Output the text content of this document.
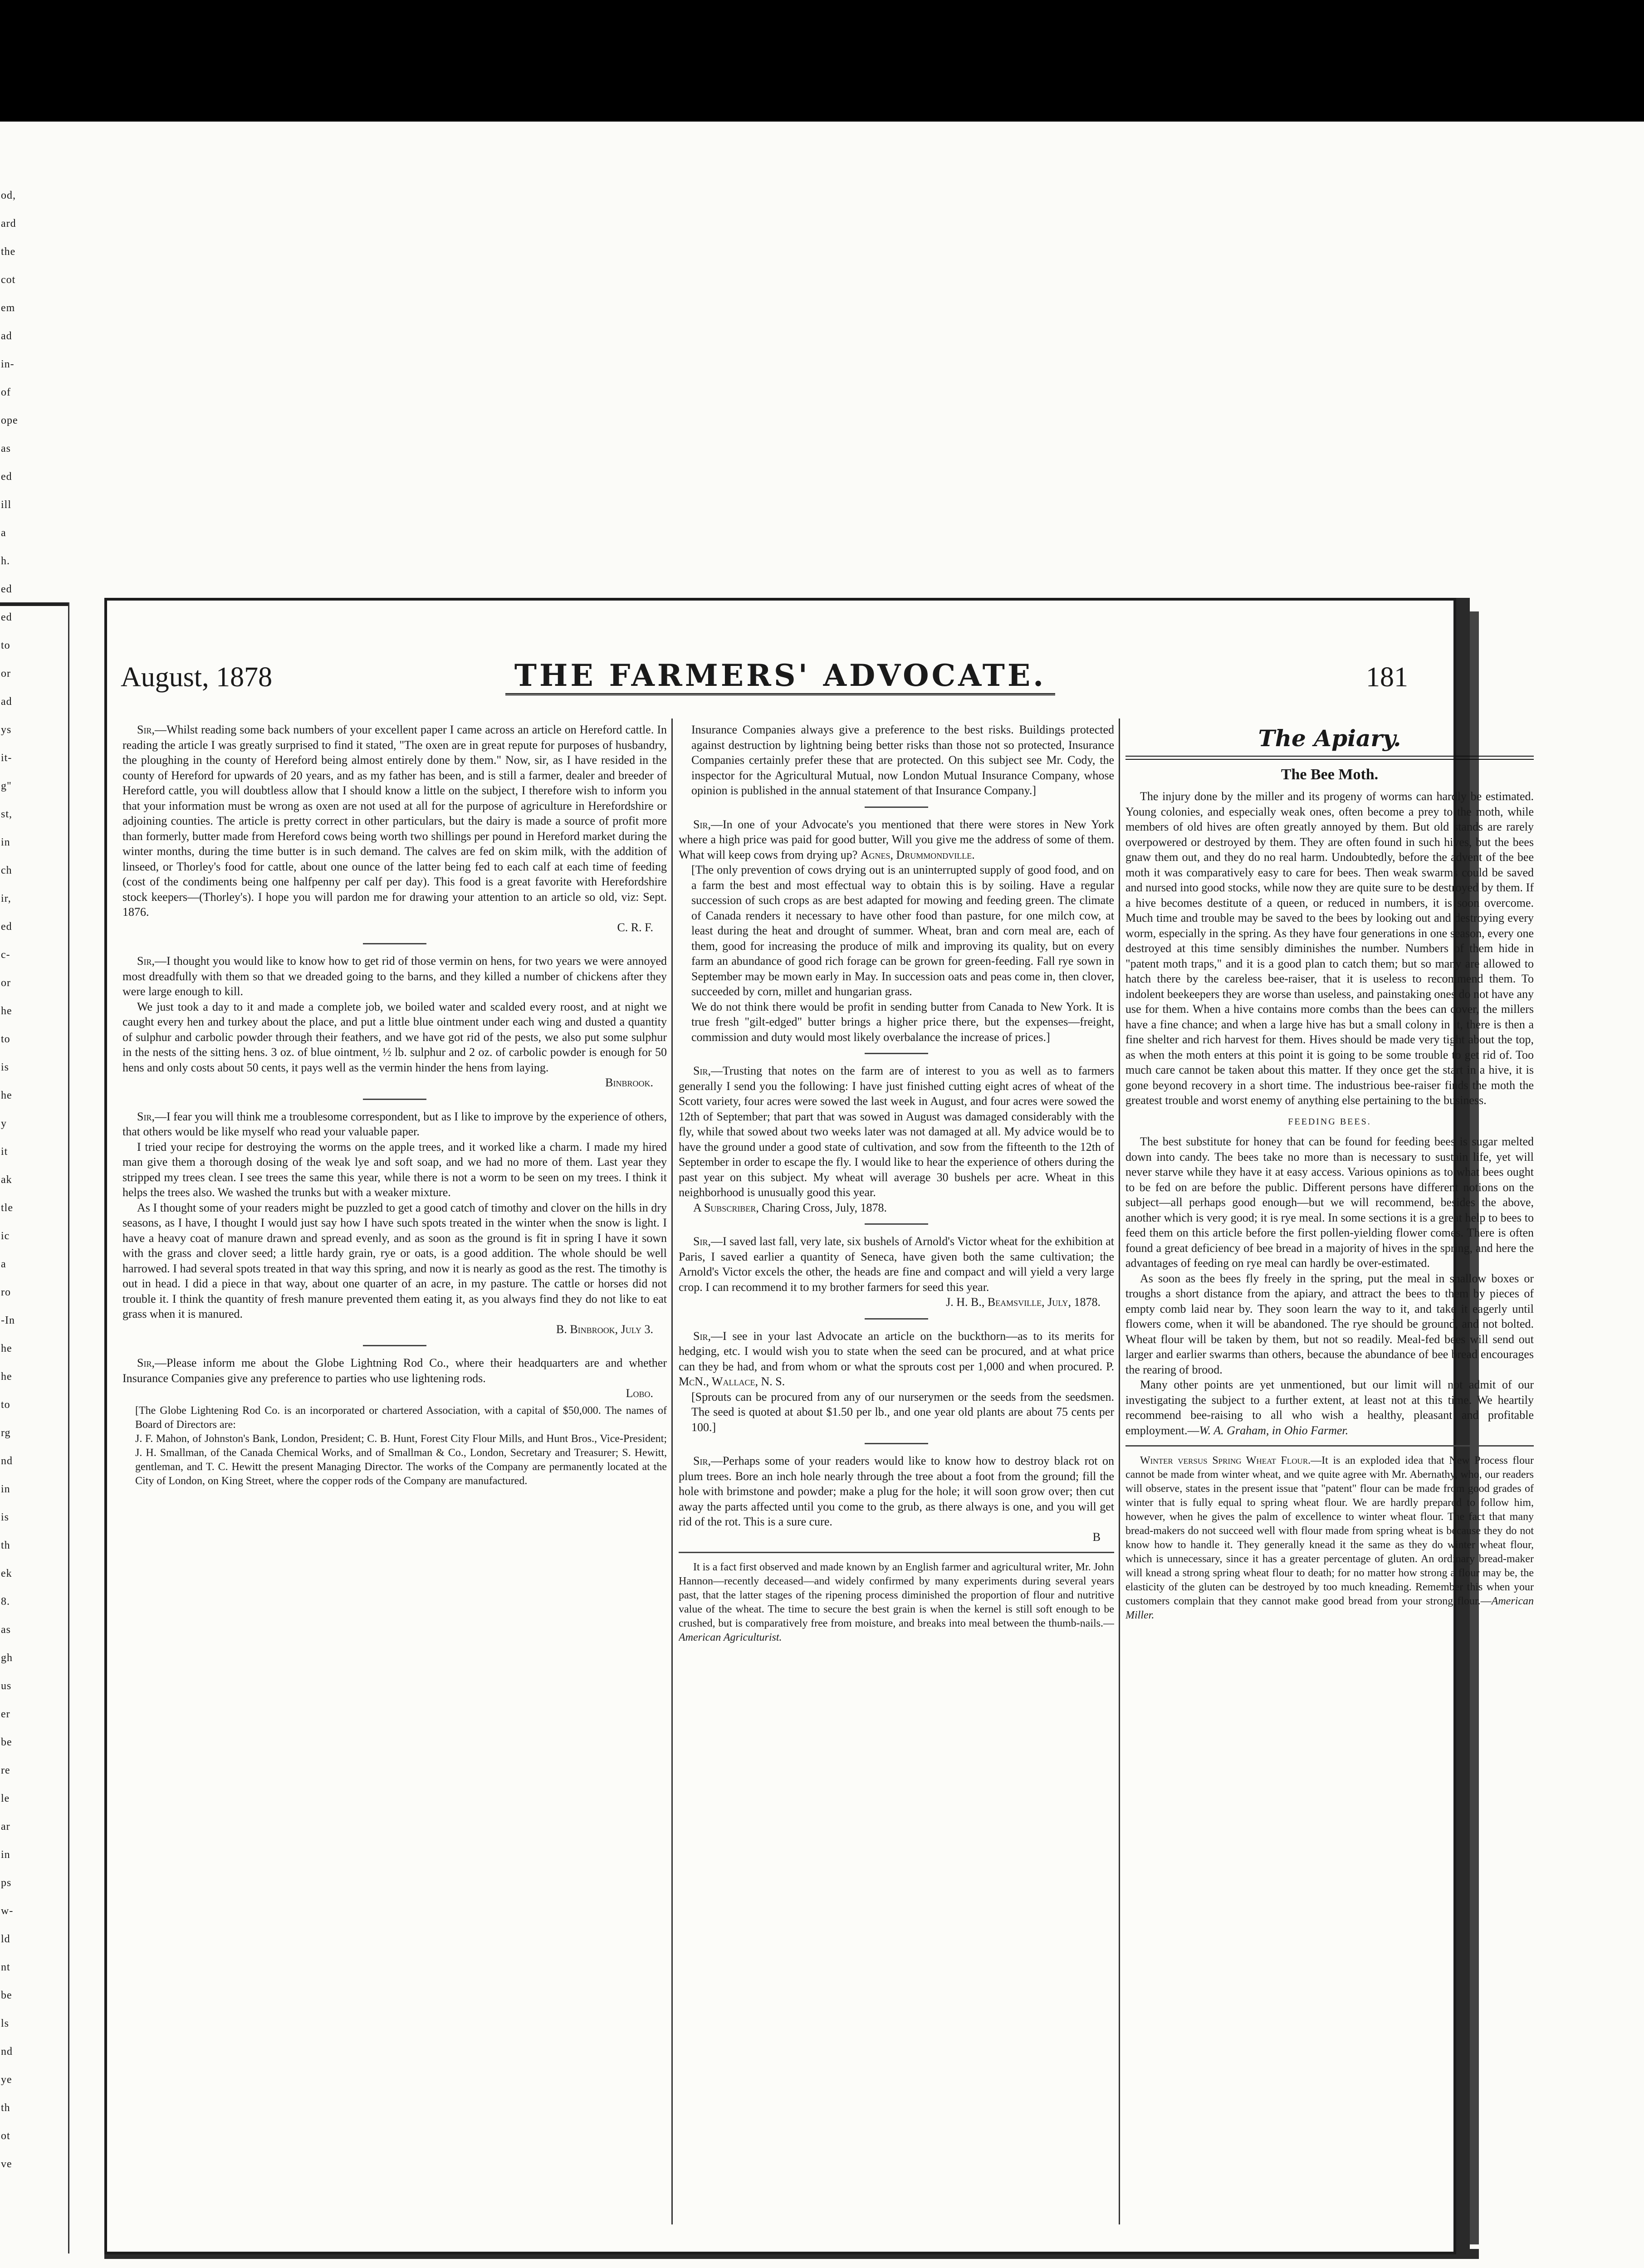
od,
ard
the
cot
em
ad
in-
of
ope
as
ed
ill
a
h.
ed
ed
to
or
ad
ys
it-
g"
st,
in
ch
ir,
ed
c-
or
he
to
is
he
y
it
ak
tle
ic
a
ro
-In
he
he
to
rg
nd
in
is
th
ek
8.
as
gh
us
er
be
re
le
ar
in
ps
w-
ld
nt
be
ls
nd
ye
th
ot
ve
August, 1878	THE FARMERS' ADVOCATE.	181

Sir,—Whilst reading some back numbers of your excellent paper I came across an article on Hereford cattle. In reading the article I was greatly surprised to find it stated, "The oxen are in great repute for purposes of husbandry, the ploughing in the county of Hereford being almost entirely done by them." Now, sir, as I have resided in the county of Hereford for upwards of 20 years, and as my father has been, and is still a farmer, dealer and breeder of Hereford cattle, you will doubtless allow that I should know a little on the subject, I therefore wish to inform you that your information must be wrong as oxen are not used at all for the purpose of agriculture in Herefordshire or adjoining counties. The article is pretty correct in other particulars, but the dairy is made a source of profit more than formerly, butter made from Hereford cows being worth two shillings per pound in Hereford market during the winter months, during the time butter is in such demand. The calves are fed on skim milk, with the addition of linseed, or Thorley's food for cattle, about one ounce of the latter being fed to each calf at each time of feeding (cost of the condiments being one halfpenny per calf per day). This food is a great favorite with Herefordshire stock keepers—(Thorley's). I hope you will pardon me for drawing your attention to an article so old, viz: Sept. 1876.

C. R. F.

Sir,—I thought you would like to know how to get rid of those vermin on hens, for two years we were annoyed most dreadfully with them so that we dreaded going to the barns, and they killed a number of chickens after they were large enough to kill.

We just took a day to it and made a complete job, we boiled water and scalded every roost, and at night we caught every hen and turkey about the place, and put a little blue ointment under each wing and dusted a quantity of sulphur and carbolic powder through their feathers, and we have got rid of the pests, we also put some sulphur in the nests of the sitting hens. 3 oz. of blue ointment, ½ lb. sulphur and 2 oz. of carbolic powder is enough for 50 hens and only costs about 50 cents, it pays well as the vermin hinder the hens from laying.

Binbrook.

Sir,—I fear you will think me a troublesome correspondent, but as I like to improve by the experience of others, that others would be like myself who read your valuable paper.

I tried your recipe for destroying the worms on the apple trees, and it worked like a charm. I made my hired man give them a thorough dosing of the weak lye and soft soap, and we had no more of them. Last year they stripped my trees clean. I see trees the same this year, while there is not a worm to be seen on my trees. I think it helps the trees also. We washed the trunks but with a weaker mixture.

As I thought some of your readers might be puzzled to get a good catch of timothy and clover on the hills in dry seasons, as I have, I thought I would just say how I have such spots treated in the winter when the snow is light. I have a heavy coat of manure drawn and spread evenly, and as soon as the ground is fit in spring I have it sown with the grass and clover seed; a little hardy grain, rye or oats, is a good addition. The whole should be well harrowed. I had several spots treated in that way this spring, and now it is nearly as good as the rest. The timothy is out in head. I did a piece in that way, about one quarter of an acre, in my pasture. The cattle or horses did not trouble it. I think the quantity of fresh manure prevented them eating it, as you always find they do not like to eat grass when it is manured.

B. Binbrook, July 3.

Sir,—Please inform me about the Globe Lightning Rod Co., where their headquarters are and whether Insurance Companies give any preference to parties who use lightening rods.

Lobo.

[The Globe Lightening Rod Co. is an incorporated or chartered Association, with a capital of $50,000. The names of Board of Directors are:

J. F. Mahon, of Johnston's Bank, London, President; C. B. Hunt, Forest City Flour Mills, and Hunt Bros., Vice-President; J. H. Smallman, of the Canada Chemical Works, and of Smallman & Co., London, Secretary and Treasurer; S. Hewitt, gentleman, and T. C. Hewitt the present Managing Director. The works of the Company are permanently located at the City of London, on King Street, where the copper rods of the Company are manufactured.

Insurance Companies always give a preference to the best risks. Buildings protected against destruction by lightning being better risks than those not so protected, Insurance Companies certainly prefer these that are protected. On this subject see Mr. Cody, the inspector for the Agricultural Mutual, now London Mutual Insurance Company, whose opinion is published in the annual statement of that Insurance Company.]

Sir,—In one of your Advocate's you mentioned that there were stores in New York where a high price was paid for good butter, Will you give me the address of some of them. What will keep cows from drying up? Agnes, Drummondville.

[The only prevention of cows drying out is an uninterrupted supply of good food, and on a farm the best and most effectual way to obtain this is by soiling. Have a regular succession of such crops as are best adapted for mowing and feeding green. The climate of Canada renders it necessary to have other food than pasture, for one milch cow, at least during the heat and drought of summer. Wheat, bran and corn meal are, each of them, good for increasing the produce of milk and improving its quality, but on every farm an abundance of good rich forage can be grown for green-feeding. Fall rye sown in September may be mown early in May. In succession oats and peas come in, then clover, succeeded by corn, millet and hungarian grass.

We do not think there would be profit in sending butter from Canada to New York. It is true fresh "gilt-edged" butter brings a higher price there, but the expenses—freight, commission and duty would most likely overbalance the increase of prices.]

Sir,—Trusting that notes on the farm are of interest to you as well as to farmers generally I send you the following: I have just finished cutting eight acres of wheat of the Scott variety, four acres were sowed the last week in August, and four acres were sowed the 12th of September; that part that was sowed in August was damaged considerably with the fly, while that sowed about two weeks later was not damaged at all. My advice would be to have the ground under a good state of cultivation, and sow from the fifteenth to the 12th of September in order to escape the fly. I would like to hear the experience of others during the past year on this subject. My wheat will average 30 bushels per acre. Wheat in this neighborhood is unusually good this year.

A Subscriber, Charing Cross, July, 1878.

Sir,—I saved last fall, very late, six bushels of Arnold's Victor wheat for the exhibition at Paris, I saved earlier a quantity of Seneca, have given both the same cultivation; the Arnold's Victor excels the other, the heads are fine and compact and will yield a very large crop. I can recommend it to my brother farmers for seed this year.

J. H. B., Beamsville, July, 1878.

Sir,—I see in your last Advocate an article on the buckthorn—as to its merits for hedging, etc. I would wish you to state when the seed can be procured, and at what price can they be had, and from whom or what the sprouts cost per 1,000 and when procured. P. McN., Wallace, N. S.

[Sprouts can be procured from any of our nurserymen or the seeds from the seedsmen. The seed is quoted at about $1.50 per lb., and one year old plants are about 75 cents per 100.]

Sir,—Perhaps some of your readers would like to know how to destroy black rot on plum trees. Bore an inch hole nearly through the tree about a foot from the ground; fill the hole with brimstone and powder; make a plug for the hole; it will soon grow over; then cut away the parts affected until you come to the grub, as there always is one, and you will get rid of the rot. This is a sure cure.

B

It is a fact first observed and made known by an English farmer and agricultural writer, Mr. John Hannon—recently deceased—and widely confirmed by many experiments during several years past, that the latter stages of the ripening process diminished the proportion of flour and nutritive value of the wheat. The time to secure the best grain is when the kernel is still soft enough to be crushed, but is comparatively free from moisture, and breaks into meal between the thumb-nails.—American Agriculturist.

The Apiary.
The Bee Moth.

The injury done by the miller and its progeny of worms can hardly be estimated. Young colonies, and especially weak ones, often become a prey to the moth, while members of old hives are often greatly annoyed by them. But old stands are rarely overpowered or destroyed by them. They are often found in such hives, but the bees gnaw them out, and they do no real harm. Undoubtedly, before the advent of the bee moth it was comparatively easy to care for bees. Then weak swarms could be saved and nursed into good stocks, while now they are quite sure to be destroyed by them. If a hive becomes destitute of a queen, or reduced in numbers, it is soon overcome. Much time and trouble may be saved to the bees by looking out and destroying every worm, especially in the spring. As they have four generations in one season, every one destroyed at this time sensibly diminishes the number. Numbers of them hide in "patent moth traps," and it is a good plan to catch them; but so many are allowed to hatch there by the careless bee-raiser, that it is useless to recommend them. To indolent beekeepers they are worse than useless, and painstaking ones do not have any use for them. When a hive contains more combs than the bees can cover, the millers have a fine chance; and when a large hive has but a small colony in it, there is then a fine shelter and rich harvest for them. Hives should be made very tight about the top, as when the moth enters at this point it is going to be some trouble to get rid of. Too much care cannot be taken about this matter. If they once get the start in a hive, it is gone beyond recovery in a short time. The industrious bee-raiser finds the moth the greatest trouble and worst enemy of anything else pertaining to the business.

FEEDING BEES.

The best substitute for honey that can be found for feeding bees is sugar melted down into candy. The bees take no more than is necessary to sustain life, yet will never starve while they have it at easy access. Various opinions as to what bees ought to be fed on are before the public. Different persons have different notions on the subject—all perhaps good enough—but we will recommend, besides the above, another which is very good; it is rye meal. In some sections it is a great help to bees to feed them on this article before the first pollen-yielding flower comes. There is often found a great deficiency of bee bread in a majority of hives in the spring, and here the advantages of feeding on rye meal can hardly be over-estimated.

As soon as the bees fly freely in the spring, put the meal in shallow boxes or troughs a short distance from the apiary, and attract the bees to them by pieces of empty comb laid near by. They soon learn the way to it, and take it eagerly until flowers come, when it will be abandoned. The rye should be ground, and not bolted. Wheat flour will be taken by them, but not so readily. Meal-fed bees will send out larger and earlier swarms than others, because the abundance of bee bread encourages the rearing of brood.

Many other points are yet unmentioned, but our limit will not admit of our investigating the subject to a further extent, at least not at this time. We heartily recommend bee-raising to all who wish a healthy, pleasant and profitable employment.—W. A. Graham, in Ohio Farmer.

Winter versus Spring Wheat Flour.—It is an exploded idea that New Process flour cannot be made from winter wheat, and we quite agree with Mr. Abernathy, who, our readers will observe, states in the present issue that "patent" flour can be made from good grades of winter that is fully equal to spring wheat flour. We are hardly prepared to follow him, however, when he gives the palm of excellence to winter wheat flour. The fact that many bread-makers do not succeed well with flour made from spring wheat is because they do not know how to handle it. They generally knead it the same as they do winter wheat flour, which is unnecessary, since it has a greater percentage of gluten. An ordinary bread-maker will knead a strong spring wheat flour to death; for no matter how strong a flour may be, the elasticity of the gluten can be destroyed by too much kneading. Remember this when your customers complain that they cannot make good bread from your strong flour.—American Miller.
